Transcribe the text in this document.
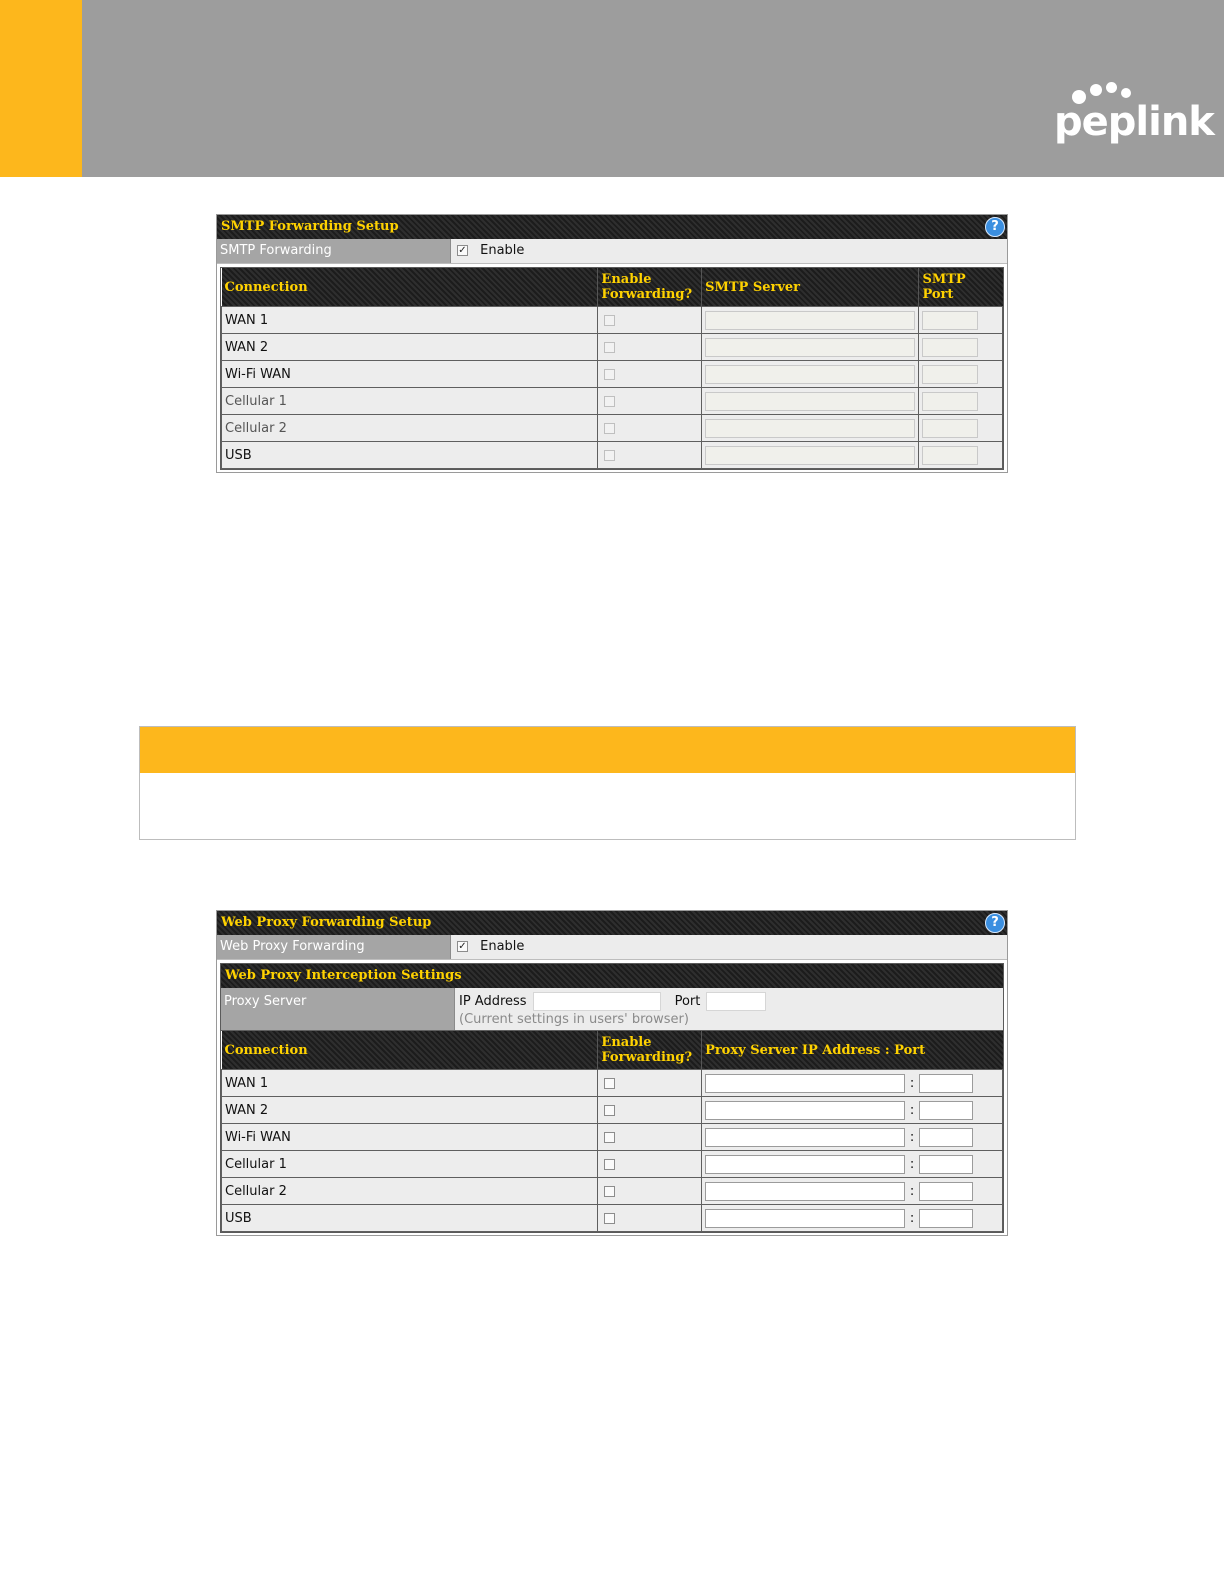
peplink
SMTP Forwarding Setup	?
SMTP Forwarding	✓ Enable
Connection	Enable Forwarding?	SMTP Server	SMTP Port
WAN 1		

WAN 2		

Wi-Fi WAN		

Cellular 1		

Cellular 2		

USB		

Web Proxy Forwarding Setup	?
Web Proxy Forwarding	✓ Enable
Web Proxy Interception Settings
Proxy Server	IP Address	Port
(Current settings in users' browser)
Connection	Enable Forwarding?	Proxy Server IP Address : Port
WAN 1		:
WAN 2		:
Wi-Fi WAN		:
Cellular 1		:
Cellular 2		:
USB		:
